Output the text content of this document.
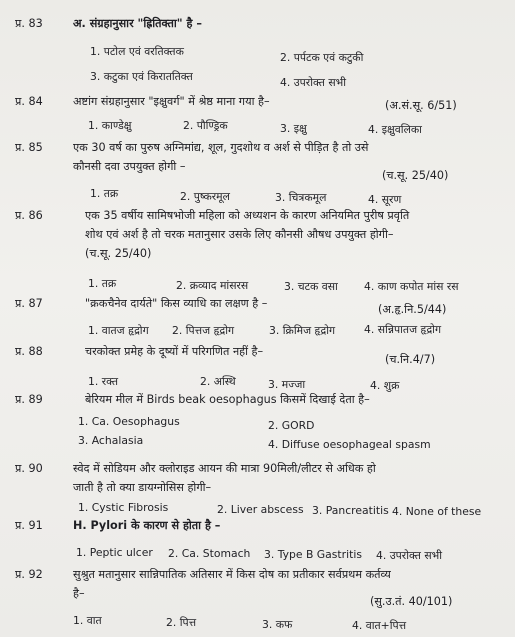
प्र. 83	अ. संग्रहानुसार "ह्रितिक्ता" है –
1. पटोल एवं वरतिक्तक	2. पर्पटक एवं कटुकी
3. कटुका एवं किराततिक्त	4. उपरोक्त सभी
प्र. 84	अष्टांग संग्रहानुसार "इक्षुवर्ग" में श्रेष्ठ माना गया है–	(अ.सं.सू. 6/51)
1. काण्डेक्षु	2. पौण्ड्रिक	3. इक्षु	4. इक्षुवलिका
प्र. 85	एक 30 वर्ष का पुरुष अग्निमांद्य, शूल, गुदशोथ व अर्श से पीड़ित है तो उसे
कौनसी दवा उपयुक्त होगी –
(च.सू. 25/40)
1. तक्र	2. पुष्करमूल	3. चित्रकमूल	4. सूरण
प्र. 86	एक 35 वर्षीय सामिषभोजी महिला को अध्यशन के कारण अनियमित पुरीष प्रवृति
शोथ एवं अर्श है तो चरक मतानुसार उसके लिए कौनसी औषध उपयुक्त होगी–
(च.सू. 25/40)
1. तक्र	2. क्रव्याद मांसरस	3. चटक वसा 4. काण कपोत मांस रस
प्र. 87	"क्रकचैनेव दार्यते" किस व्याधि का लक्षण है –	(अ.हृ.नि.5/44)
1. वातज हृद्रोग 2. पित्तज हृद्रोग	3. क्रिमिज हृद्रोग	4. सन्निपातज हृद्रोग
प्र. 88	चरकोक्त प्रमेह के दूष्यों में परिगणित नहीं है–
(च.नि.4/7)
1. रक्त	2. अस्थि	3. मज्जा	4. शुक्र
प्र. 89	बेरियम मील में Birds beak oesophagus किसमें दिखाई देता है–
1. Ca. Oesophagus	2. GORD
3. Achalasia	4. Diffuse oesophageal spasm
प्र. 90	स्वेद में सोडियम और क्लोराइड आयन की मात्रा 90मिली/लीटर से अधिक हो
जाती है तो क्या डायग्नोसिस होगी–
1. Cystic Fibrosis	2. Liver abscess 3. Pancreatitis 4. None of these
प्र. 91	H. Pylori के कारण से होता है –
1. Peptic ulcer 2. Ca. Stomach 3. Type B Gastritis 4. उपरोक्त सभी
प्र. 92	सुश्रुत मतानुसार सान्निपातिक अतिसार में किस दोष का प्रतीकार सर्वप्रथम कर्तव्य
है–
(सु.उ.तं. 40/101)
1. वात	2. पित्त	3. कफ	4. वात+पित्त
